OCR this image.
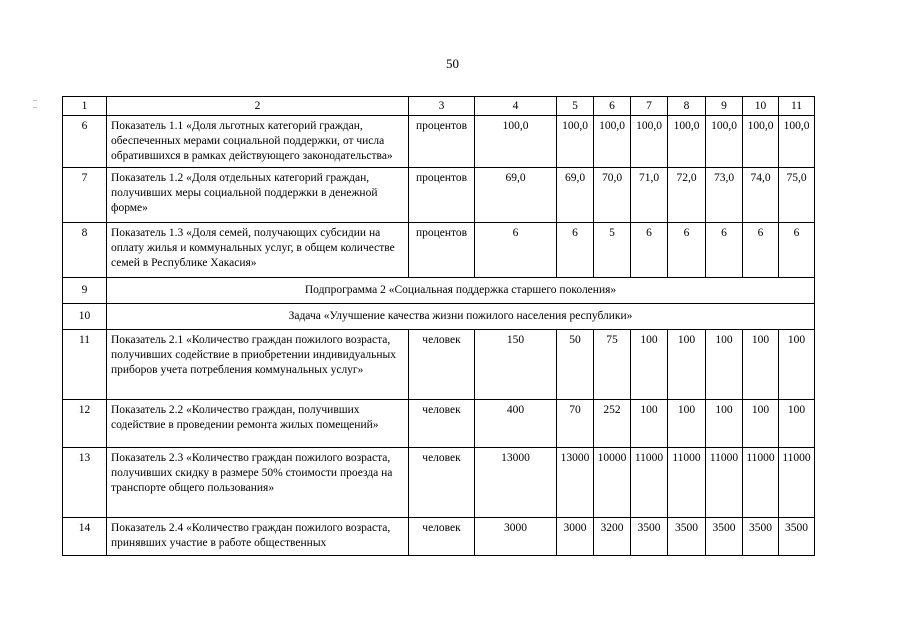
50
1	2	3	4	5	6	7	8	9	10	11
6	Показатель 1.1 «Доля льготных категорий граждан, обеспеченных мерами социальной поддержки, от числа обратившихся в рамках действующего законодательства»	процентов	100,0	100,0	100,0	100,0	100,0	100,0	100,0	100,0
7	Показатель 1.2 «Доля отдельных категорий граждан, получивших меры социальной поддержки в денежной форме»	процентов	69,0	69,0	70,0	71,0	72,0	73,0	74,0	75,0
8	Показатель 1.3 «Доля семей, получающих субсидии на оплату жилья и коммунальных услуг, в общем количестве семей в Республике Хакасия»	процентов	6	6	5	6	6	6	6	6
9	Подпрограмма 2 «Социальная поддержка старшего поколения»									
10	Задача «Улучшение качества жизни пожилого населения республики»									
11	Показатель 2.1 «Количество граждан пожилого возраста, получивших содействие в приобретении индивидуальных приборов учета потребления коммунальных услуг»	человек	150	50	75	100	100	100	100	100
12	Показатель 2.2 «Количество граждан, получивших содействие в проведении ремонта жилых помещений»	человек	400	70	252	100	100	100	100	100
13	Показатель 2.3 «Количество граждан пожилого возраста, получивших скидку в размере 50% стоимости проезда на транспорте общего пользования»	человек	13000	13000	10000	11000	11000	11000	11000	11000
14	Показатель 2.4 «Количество граждан пожилого возраста, принявших участие в работе общественных	человек	3000	3000	3200	3500	3500	3500	3500	3500
